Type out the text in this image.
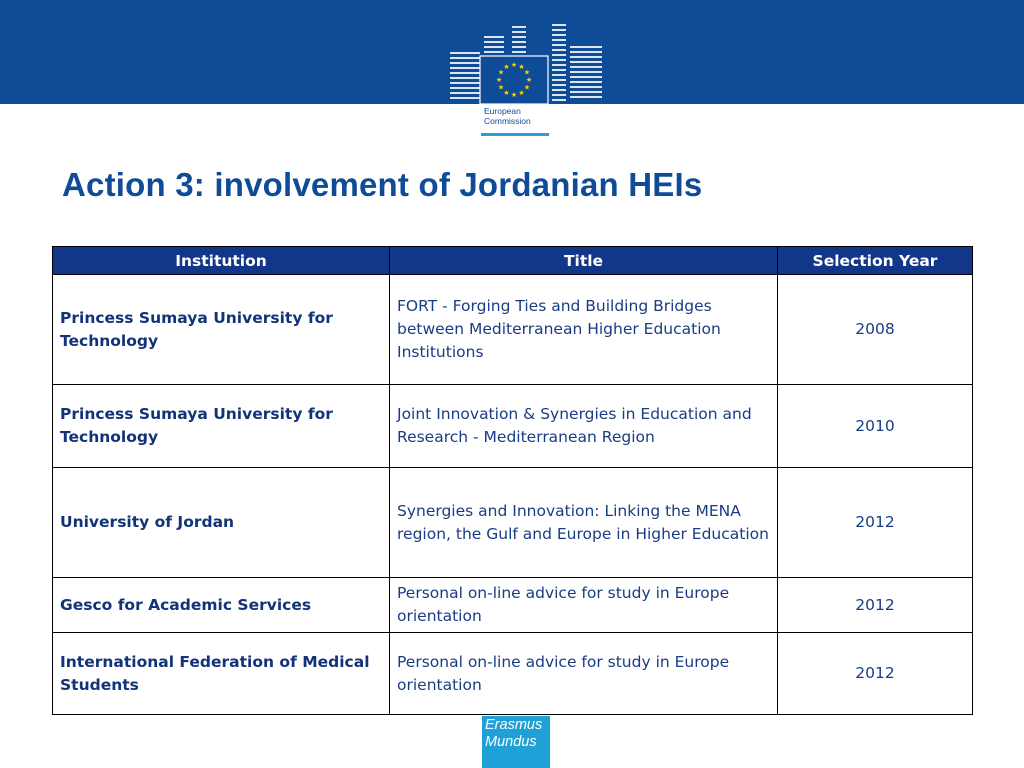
★ ★
★
★
★
★
★
★
★
★
★
★
European
Commission
Action 3: involvement of Jordanian HEIs
Institution	Title	Selection Year
Princess Sumaya University for Technology	FORT - Forging Ties and Building Bridges between Mediterranean Higher Education Institutions	2008
Princess Sumaya University for Technology	Joint Innovation & Synergies in Education and Research - Mediterranean Region	2010
University of Jordan	Synergies and Innovation: Linking the MENA region, the Gulf and Europe in Higher Education	2012
Gesco for Academic Services	Personal on-line advice for study in Europe orientation	2012
International Federation of Medical Students	Personal on-line advice for study in Europe orientation	2012
Erasmus
Mundus
